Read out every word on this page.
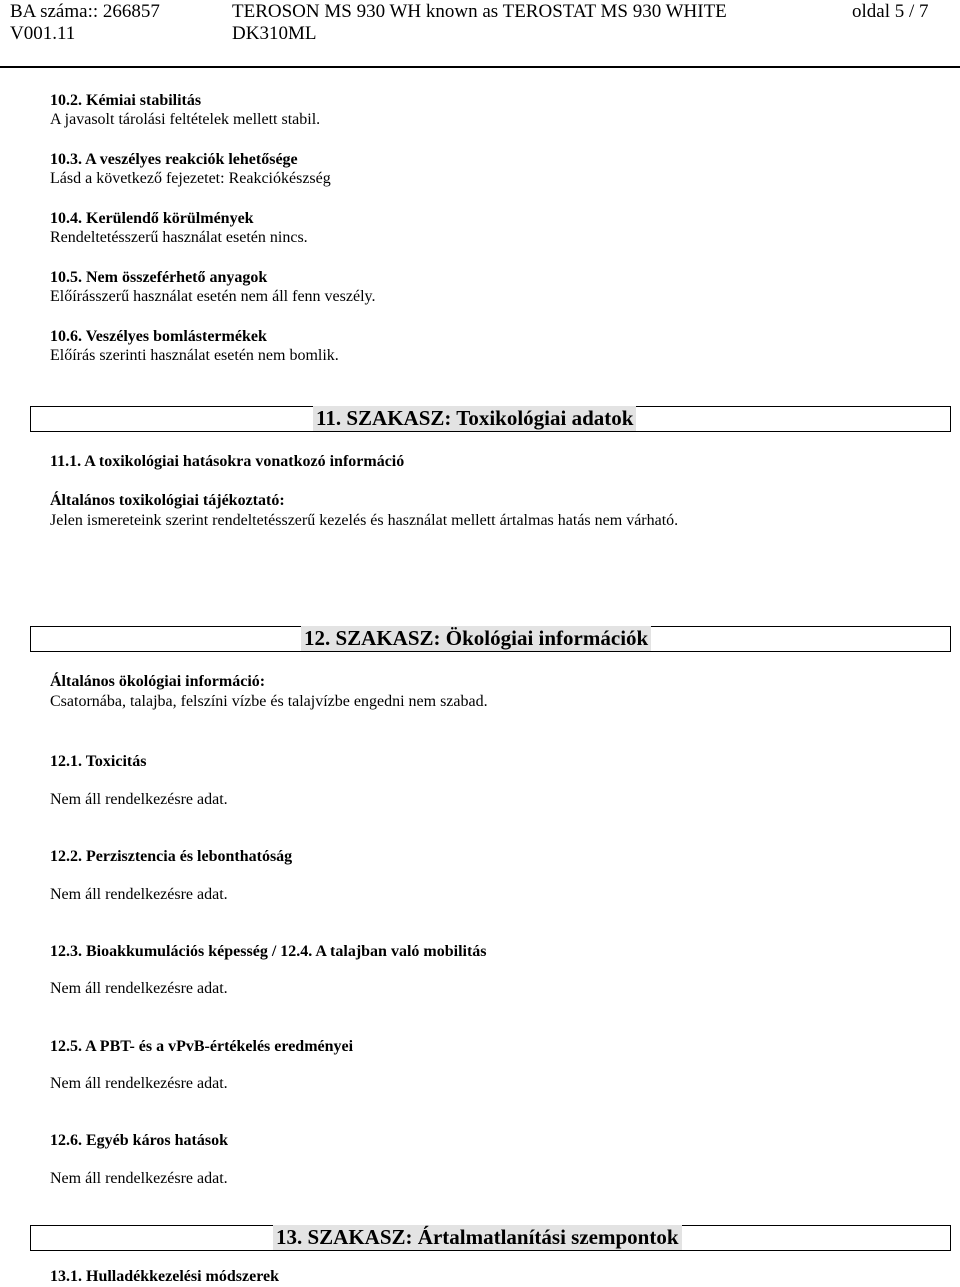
BA száma:: 266857
V001.11
TEROSON MS 930 WH known as TEROSTAT MS 930 WHITE
DK310ML
oldal 5 / 7
10.2. Kémiai stabilitás
A javasolt tárolási feltételek mellett stabil.
10.3. A veszélyes reakciók lehetősége
Lásd a következő fejezetet: Reakciókészség
10.4. Kerülendő körülmények
Rendeltetésszerű használat esetén nincs.
10.5. Nem összeférhető anyagok
Előírásszerű használat esetén nem áll fenn veszély.
10.6. Veszélyes bomlástermékek
Előírás szerinti használat esetén nem bomlik.
11. SZAKASZ: Toxikológiai adatok
11.1. A toxikológiai hatásokra vonatkozó információ
Általános toxikológiai tájékoztató:
Jelen ismereteink szerint rendeltetésszerű kezelés és használat mellett ártalmas hatás nem várható.
12. SZAKASZ: Ökológiai információk
Általános ökológiai információ:
Csatornába, talajba, felszíni vízbe és talajvízbe engedni nem szabad.
12.1. Toxicitás
Nem áll rendelkezésre adat.
12.2. Perzisztencia és lebonthatóság
Nem áll rendelkezésre adat.
12.3. Bioakkumulációs képesség / 12.4. A talajban való mobilitás
Nem áll rendelkezésre adat.
12.5. A PBT- és a vPvB-értékelés eredményei
Nem áll rendelkezésre adat.
12.6. Egyéb káros hatások
Nem áll rendelkezésre adat.
13. SZAKASZ: Ártalmatlanítási szempontok
13.1. Hulladékkezelési módszerek
